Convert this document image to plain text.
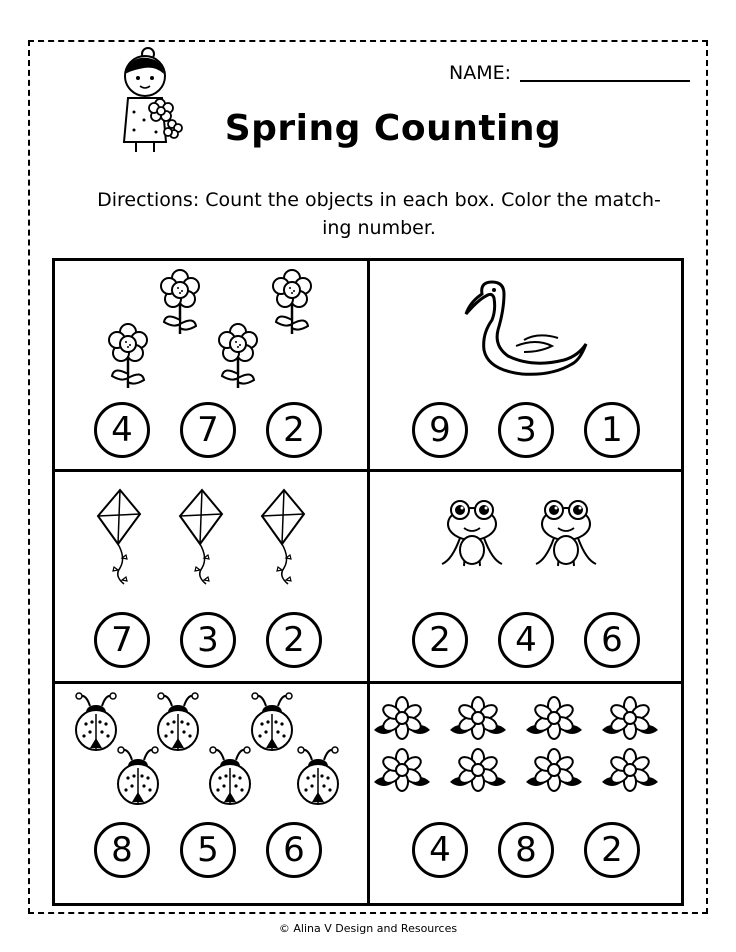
NAME:
Spring Counting
Directions: Count the objects in each box. Color the match- ing number.
4	7	2	9	3	1
7	3	2	2	4	6
8	5	6	4	8	2
© Alina V Design and Resources
